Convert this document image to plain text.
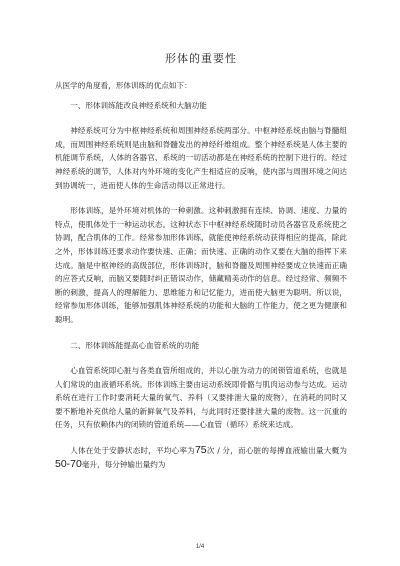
形体的重要性

从医学的角度看，形体训练的优点如下：

一、形体训练能改良神经系统和大脑功能

神经系统可分为中枢神经系统和周围神经系统两部分。中枢神经系统由脑与脊髓组成，而周围神经系统则是由脑和脊髓发出的神经纤维组成。整个神经系统是人体主要的机能调节系统，人体的各器官、系统的一切活动都是在神经系统的控制下进行的。经过神经系统的调节，人体对内外环境的变化产生相适应的反响，使内部与周围环境之间达到协调统一，进而使人体的生命活动得以正常进行。

形体训练，是外环境对机体的一种刺激。这种刺激拥有连续、协调、速度、力量的特点，使肌体处于一种运动状态。这种状态下中枢神经系统随时动员各器官及系统使之协调，配合肌体的工作。经常参加形体训练，就能使神经系统动获得相应的提高，除此之外，形体训练还要求动作要快速、正确；而快速、正确的动作又要在大脑的指挥下来达成。脑是中枢神经的高级部位，形体训练时，脑和脊髓及周围神经要成立快速而正确的应答式反响，而脑又要随时纠正错误动作，储藏精美动作的信息。经过经常、频频不断的刺激，提高人的理解能力、思维能力和记忆能力，进而使大脑更为聪明。所以说，经常参加形体训练，能够加强肌体神经系统的功能和大脑的工作能力，使之更为健康和聪明。

二、形体训练能提高心血管系统的功能

心血管系统即心脏与各类血管所组成的，并以心脏为动力的闭锁管道系统，也就是人们常说的血液循环系统。形体训练主要由运动系统即骨骼与肌肉运动参与达成。运动系统在进行工作时要消耗大量的氧气、养料（又要排泄大量的废物），在消耗的同时又要不断地补充供给人量的新鲜氧气及养料，与此同时还要排泄大量的废物。这一沉重的任务，只有依赖体内的闭锁的管道系统——心血管（循环）系统来达成。

人体在处于安静状态时，平均心率为75次 / 分，而心脏的每搏血液输出量大概为50-70毫升，每分钟输出量约为

1/4
